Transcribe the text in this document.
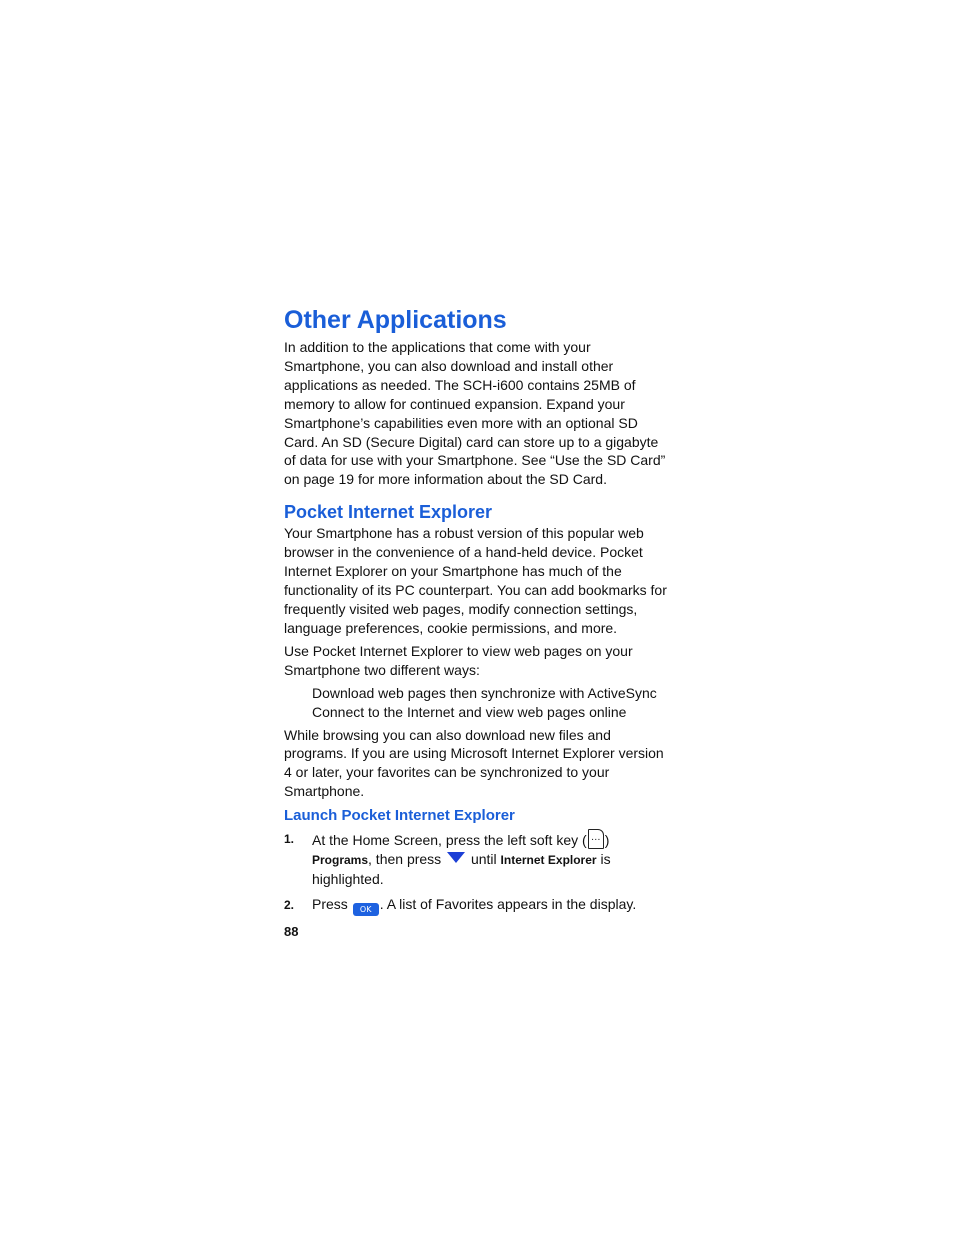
Other Applications

In addition to the applications that come with your Smartphone, you can also download and install other applications as needed. The SCH-i600 contains 25MB of memory to allow for continued expansion. Expand your Smartphone’s capabilities even more with an optional SD Card. An SD (Secure Digital) card can store up to a gigabyte of data for use with your Smartphone. See “Use the SD Card” on page 19 for more information about the SD Card.

Pocket Internet Explorer

Your Smartphone has a robust version of this popular web browser in the convenience of a hand-held device. Pocket Internet Explorer on your Smartphone has much of the functionality of its PC counterpart. You can add bookmarks for frequently visited web pages, modify connection settings, language preferences, cookie permissions, and more.

Use Pocket Internet Explorer to view web pages on your Smartphone two different ways:

Download web pages then synchronize with ActiveSync
Connect to the Internet and view web pages online

While browsing you can also download new files and programs. If you are using Microsoft Internet Explorer version 4 or later, your favorites can be synchronized to your Smartphone.

Launch Pocket Internet Explorer
1. At the Home Screen, press the left soft key (… )
Programs, then press until Internet Explorer is highlighted.
2. Press OK . A list of Favorites appears in the display.
88
